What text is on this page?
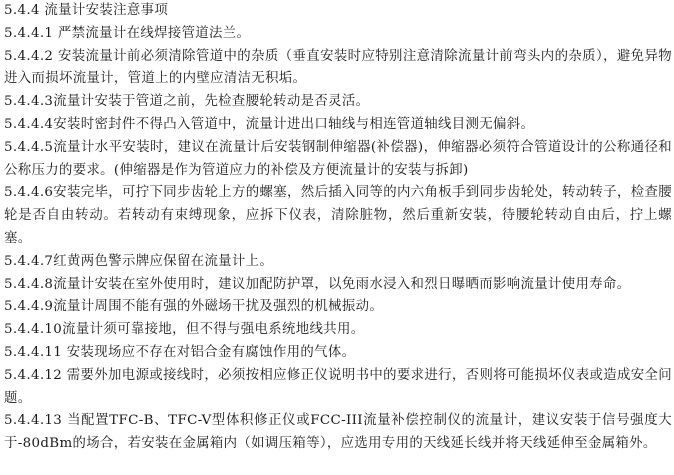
5.4.4 流量计安装注意事项

5.4.4.1 严禁流量计在线焊接管道法兰。

5.4.4.2 安装流量计前必须清除管道中的杂质（垂直安装时应特别注意清除流量计前弯头内的杂质），避免异物进入而损坏流量计，管道上的内壁应清洁无积垢。

5.4.4.3流量计安装于管道之前，先检查腰轮转动是否灵活。

5.4.4.4安装时密封件不得凸入管道中，流量计进出口轴线与相连管道轴线目测无偏斜。

5.4.4.5流量计水平安装时，建议在流量计后安装钢制伸缩器(补偿器)，伸缩器必须符合管道设计的公称通径和公称压力的要求。(伸缩器是作为管道应力的补偿及方便流量计的安装与拆卸)

5.4.4.6安装完毕，可拧下同步齿轮上方的螺塞，然后插入同等的内六角板手到同步齿轮处，转动转子，检查腰轮是否自由转动。若转动有束缚现象，应拆下仪表，清除脏物，然后重新安装，待腰轮转动自由后，拧上螺塞。

5.4.4.7红黄两色警示牌应保留在流量计上。

5.4.4.8流量计安装在室外使用时，建议加配防护罩，以免雨水浸入和烈日曝晒而影响流量计使用寿命。

5.4.4.9流量计周围不能有强的外磁场干扰及强烈的机械振动。

5.4.4.10流量计须可靠接地，但不得与强电系统地线共用。

5.4.4.11 安装现场应不存在对铝合金有腐蚀作用的气体。

5.4.4.12 需要外加电源或接线时，必须按相应修正仪说明书中的要求进行，否则将可能损坏仪表或造成安全问题。

5.4.4.13 当配置TFC-B、TFC-V型体积修正仪或FCC-III流量补偿控制仪的流量计，建议安装于信号强度大于-80dBm的场合，若安装在金属箱内（如调压箱等），应选用专用的天线延长线并将天线延伸至金属箱外。
